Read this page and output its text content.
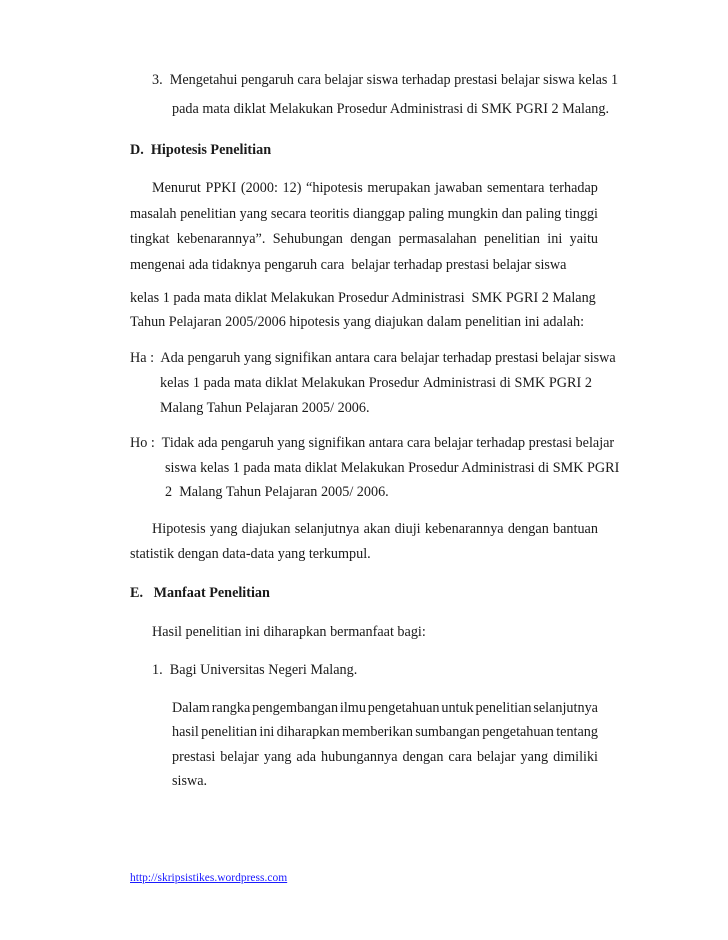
3.  Mengetahui pengaruh cara belajar siswa terhadap prestasi belajar siswa kelas 1
pada mata diklat Melakukan Prosedur Administrasi di SMK PGRI 2 Malang.
D.  Hipotesis Penelitian
Menurut PPKI (2000: 12) “hipotesis merupakan jawaban sementara terhadap
masalah penelitian yang secara teoritis dianggap paling mungkin dan paling tinggi
tingkat kebenarannya”. Sehubungan dengan permasalahan penelitian ini yaitu
mengenai ada tidaknya pengaruh cara  belajar terhadap prestasi belajar siswa
kelas 1 pada mata diklat Melakukan Prosedur Administrasi  SMK PGRI 2 Malang
Tahun Pelajaran 2005/2006 hipotesis yang diajukan dalam penelitian ini adalah:
Ha :  Ada pengaruh yang signifikan antara cara belajar terhadap prestasi belajar siswa
kelas 1 pada mata diklat Melakukan Prosedur Administrasi di SMK PGRI 2
Malang Tahun Pelajaran 2005/ 2006.
Ho :  Tidak ada pengaruh yang signifikan antara cara belajar terhadap prestasi belajar
siswa kelas 1 pada mata diklat Melakukan Prosedur Administrasi di SMK PGRI
2  Malang Tahun Pelajaran 2005/ 2006.
Hipotesis yang diajukan selanjutnya akan diuji kebenarannya dengan bantuan
statistik dengan data-data yang terkumpul.
E.   Manfaat Penelitian
Hasil penelitian ini diharapkan bermanfaat bagi:
1.  Bagi Universitas Negeri Malang.
Dalam rangka pengembangan ilmu pengetahuan untuk penelitian selanjutnya
hasil penelitian ini diharapkan memberikan sumbangan pengetahuan tentang
prestasi belajar yang ada hubungannya dengan cara belajar yang dimiliki
siswa.
http://skripsistikes.wordpress.com
